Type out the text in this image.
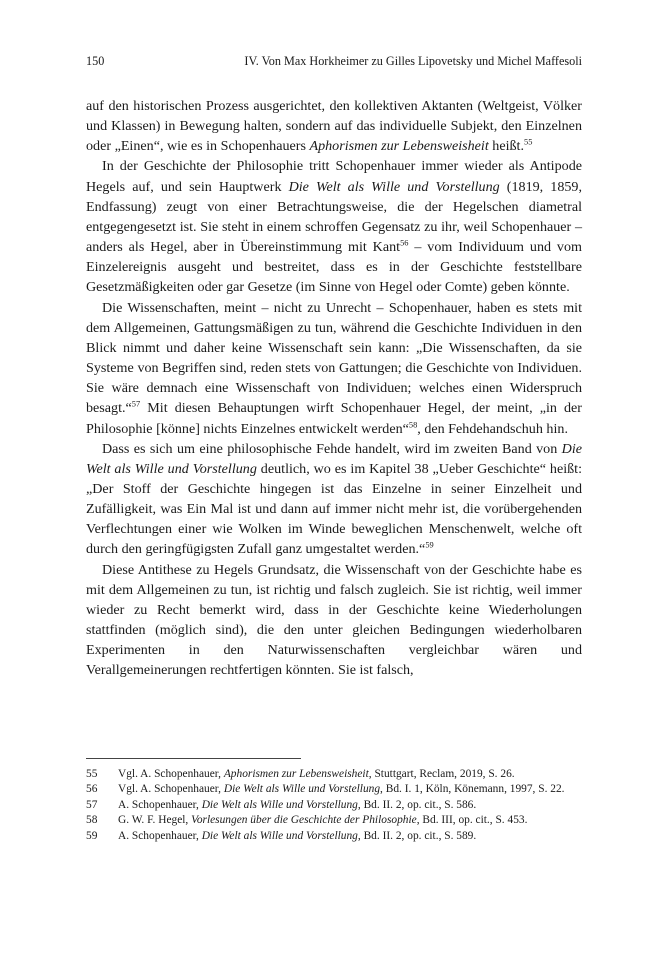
150	IV. Von Max Horkheimer zu Gilles Lipovetsky und Michel Maffesoli

auf den historischen Prozess ausgerichtet, den kollektiven Aktanten (Weltgeist, Völker und Klassen) in Bewegung halten, sondern auf das individuelle Subjekt, den Einzelnen oder „Einen“, wie es in Schopenhauers Aphorismen zur Lebensweisheit heißt.$^{55}$

In der Geschichte der Philosophie tritt Schopenhauer immer wieder als Antipode Hegels auf, und sein Hauptwerk Die Welt als Wille und Vorstellung (1819, 1859, Endfassung) zeugt von einer Betrachtungsweise, die der Hegelschen diametral entgegengesetzt ist. Sie steht in einem schroffen Gegensatz zu ihr, weil Schopenhauer – anders als Hegel, aber in Übereinstimmung mit Kant$^{56}$ – vom Individuum und vom Einzelereignis ausgeht und bestreitet, dass es in der Geschichte feststellbare Gesetzmäßigkeiten oder gar Gesetze (im Sinne von Hegel oder Comte) geben könnte.

Die Wissenschaften, meint – nicht zu Unrecht – Schopenhauer, haben es stets mit dem Allgemeinen, Gattungsmäßigen zu tun, während die Geschichte Individuen in den Blick nimmt und daher keine Wissenschaft sein kann: „Die Wissenschaften, da sie Systeme von Begriffen sind, reden stets von Gattungen; die Geschichte von Individuen. Sie wäre demnach eine Wissenschaft von Individuen; welches einen Widerspruch besagt.“$^{57}$ Mit diesen Behauptungen wirft Schopenhauer Hegel, der meint, „in der Philosophie [könne] nichts Einzelnes entwickelt werden“$^{58}$, den Fehdehandschuh hin.

Dass es sich um eine philosophische Fehde handelt, wird im zweiten Band von Die Welt als Wille und Vorstellung deutlich, wo es im Kapitel 38 „Ueber Geschichte“ heißt: „Der Stoff der Geschichte hingegen ist das Einzelne in seiner Einzelheit und Zufälligkeit, was Ein Mal ist und dann auf immer nicht mehr ist, die vorübergehenden Verflechtungen einer wie Wolken im Winde beweglichen Menschenwelt, welche oft durch den geringfügigsten Zufall ganz umgestaltet werden.“$^{59}$

Diese Antithese zu Hegels Grundsatz, die Wissenschaft von der Geschichte habe es mit dem Allgemeinen zu tun, ist richtig und falsch zugleich. Sie ist richtig, weil immer wieder zu Recht bemerkt wird, dass in der Geschichte keine Wiederholungen stattfinden (möglich sind), die den unter gleichen Bedingungen wiederholbaren Experimenten in den Naturwissenschaften vergleichbar wären und Verallgemeinerungen rechtfertigen könnten. Sie ist falsch,

55	Vgl. A. Schopenhauer, Aphorismen zur Lebensweisheit, Stuttgart, Reclam, 2019, S. 26.
56	Vgl. A. Schopenhauer, Die Welt als Wille und Vorstellung, Bd. I. 1, Köln, Könemann, 1997, S. 22.
57	A. Schopenhauer, Die Welt als Wille und Vorstellung, Bd. II. 2, op. cit., S. 586.
58	G. W. F. Hegel, Vorlesungen über die Geschichte der Philosophie, Bd. III, op. cit., S. 453.
59	A. Schopenhauer, Die Welt als Wille und Vorstellung, Bd. II. 2, op. cit., S. 589.
